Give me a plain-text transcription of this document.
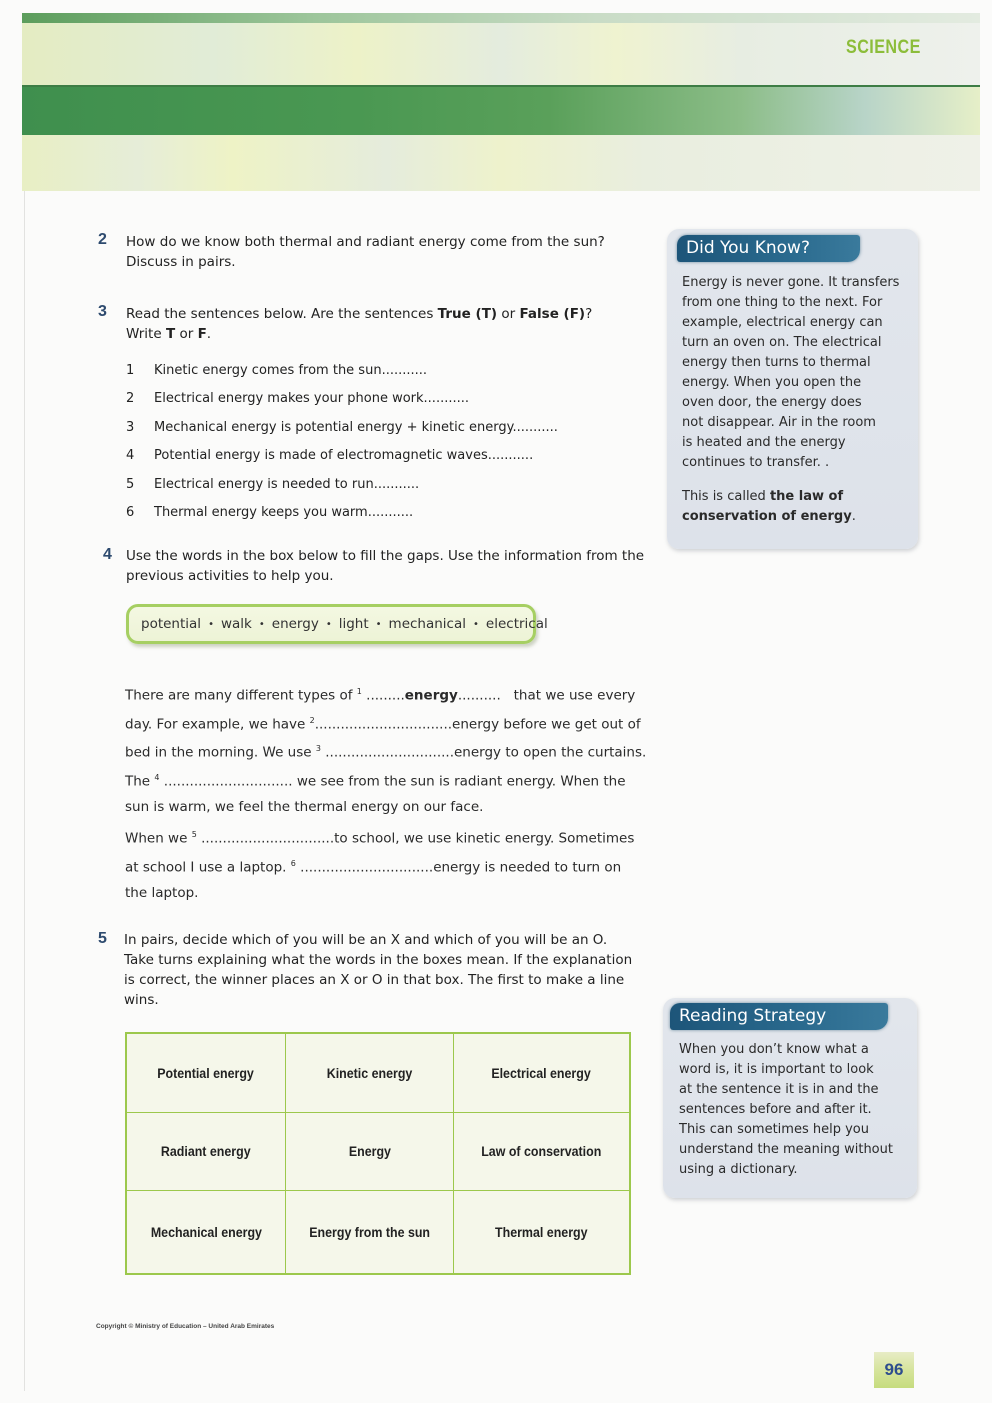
SCIENCE
2 How do we know both thermal and radiant energy come from the sun?
Discuss in pairs.
3 Read the sentences below. Are the sentences True (T) or False (F)?
Write T or F.
1	Kinetic energy comes from the sun...........
2	Electrical energy makes your phone work...........
3	Mechanical energy is potential energy + kinetic energy...........
4	Potential energy is made of electromagnetic waves...........
5	Electrical energy is needed to run...........
6	Thermal energy keeps you warm...........
4 Use the words in the box below to fill the gaps. Use the information from the
previous activities to help you.
potential • walk • energy • light • mechanical • electrical
There are many different types of $^1$ .........energy..........   that we use every
day. For example, we have $^2$................................energy before we get out of
bed in the morning. We use $^3$ ..............................energy to open the curtains.
The $^4$ .............................. we see from the sun is radiant energy. When the
sun is warm, we feel the thermal energy on our face.
When we $^5$ ...............................to school, we use kinetic energy. Sometimes
at school I use a laptop. $^6$ ...............................energy is needed to turn on
the laptop.
5 In pairs, decide which of you will be an X and which of you will be an O.
Take turns explaining what the words in the boxes mean. If the explanation
is correct, the winner places an X or O in that box. The first to make a line
wins.
Potential energy	Kinetic energy	Electrical energy
Radiant energy	Energy	Law of conservation
Mechanical energy	Energy from the sun	Thermal energy
Did You Know?
Energy is never gone. It transfers
from one thing to the next. For
example, electrical energy can
turn an oven on. The electrical
energy then turns to thermal
energy. When you open the
oven door, the energy does
not disappear. Air in the room
is heated and the energy
continues to transfer. .
This is called the law of
conservation of energy.
Reading Strategy
When you don’t know what a
word is, it is important to look
at the sentence it is in and the
sentences before and after it.
This can sometimes help you
understand the meaning without
using a dictionary.
Copyright © Ministry of Education – United Arab Emirates
96
